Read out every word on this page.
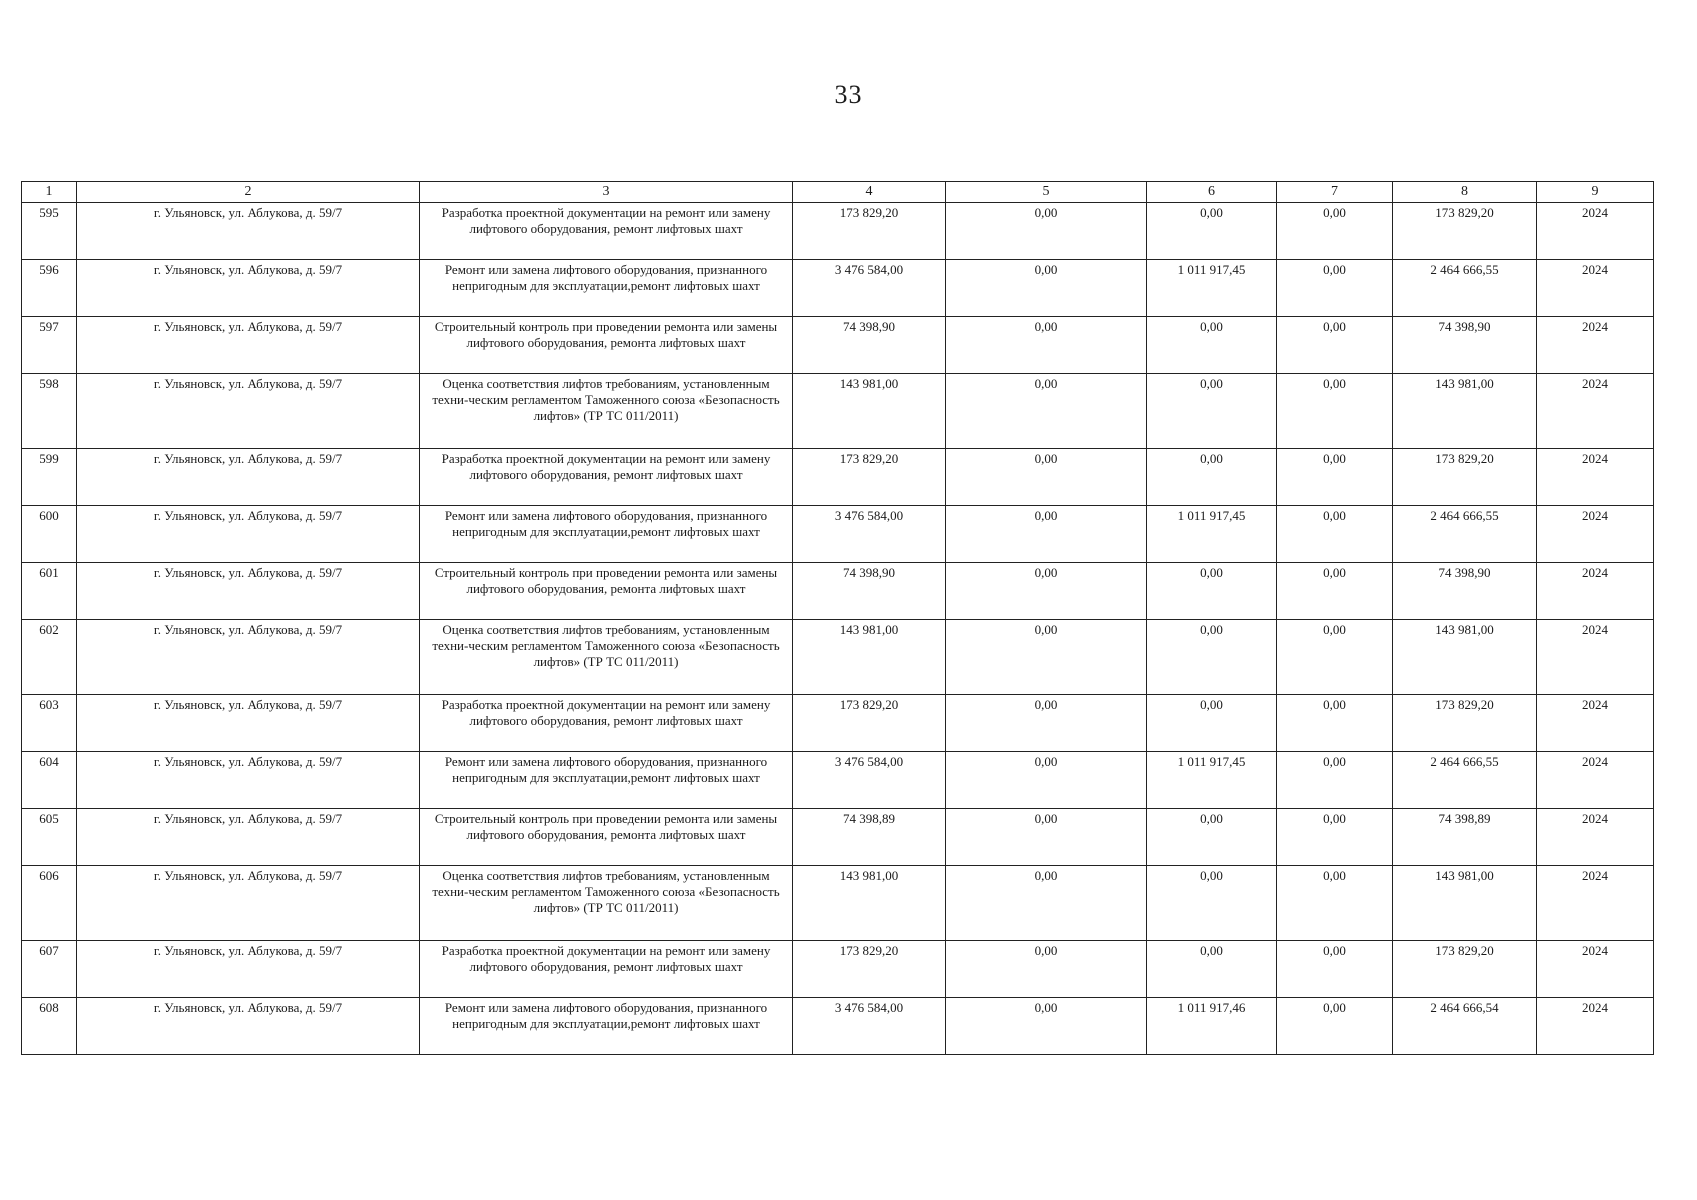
33
1	2	3	4	5	6	7	8	9
595	г. Ульяновск, ул. Аблукова, д. 59/7	Разработка проектной документации на ремонт или замену лифтового оборудования, ремонт лифтовых шахт	173 829,20	0,00	0,00	0,00	173 829,20	2024
596	г. Ульяновск, ул. Аблукова, д. 59/7	Ремонт или замена лифтового оборудования, признанного непригодным для эксплуатации,ремонт лифтовых шахт	3 476 584,00	0,00	1 011 917,45	0,00	2 464 666,55	2024
597	г. Ульяновск, ул. Аблукова, д. 59/7	Строительный контроль при проведении ремонта или замены лифтового оборудования, ремонта лифтовых шахт	74 398,90	0,00	0,00	0,00	74 398,90	2024
598	г. Ульяновск, ул. Аблукова, д. 59/7	Оценка соответствия лифтов требованиям, установленным техни-ческим регламентом Таможенного союза «Безопасность лифтов» (ТР ТС 011/2011)	143 981,00	0,00	0,00	0,00	143 981,00	2024
599	г. Ульяновск, ул. Аблукова, д. 59/7	Разработка проектной документации на ремонт или замену лифтового оборудования, ремонт лифтовых шахт	173 829,20	0,00	0,00	0,00	173 829,20	2024
600	г. Ульяновск, ул. Аблукова, д. 59/7	Ремонт или замена лифтового оборудования, признанного непригодным для эксплуатации,ремонт лифтовых шахт	3 476 584,00	0,00	1 011 917,45	0,00	2 464 666,55	2024
601	г. Ульяновск, ул. Аблукова, д. 59/7	Строительный контроль при проведении ремонта или замены лифтового оборудования, ремонта лифтовых шахт	74 398,90	0,00	0,00	0,00	74 398,90	2024
602	г. Ульяновск, ул. Аблукова, д. 59/7	Оценка соответствия лифтов требованиям, установленным техни-ческим регламентом Таможенного союза «Безопасность лифтов» (ТР ТС 011/2011)	143 981,00	0,00	0,00	0,00	143 981,00	2024
603	г. Ульяновск, ул. Аблукова, д. 59/7	Разработка проектной документации на ремонт или замену лифтового оборудования, ремонт лифтовых шахт	173 829,20	0,00	0,00	0,00	173 829,20	2024
604	г. Ульяновск, ул. Аблукова, д. 59/7	Ремонт или замена лифтового оборудования, признанного непригодным для эксплуатации,ремонт лифтовых шахт	3 476 584,00	0,00	1 011 917,45	0,00	2 464 666,55	2024
605	г. Ульяновск, ул. Аблукова, д. 59/7	Строительный контроль при проведении ремонта или замены лифтового оборудования, ремонта лифтовых шахт	74 398,89	0,00	0,00	0,00	74 398,89	2024
606	г. Ульяновск, ул. Аблукова, д. 59/7	Оценка соответствия лифтов требованиям, установленным техни-ческим регламентом Таможенного союза «Безопасность лифтов» (ТР ТС 011/2011)	143 981,00	0,00	0,00	0,00	143 981,00	2024
607	г. Ульяновск, ул. Аблукова, д. 59/7	Разработка проектной документации на ремонт или замену лифтового оборудования, ремонт лифтовых шахт	173 829,20	0,00	0,00	0,00	173 829,20	2024
608	г. Ульяновск, ул. Аблукова, д. 59/7	Ремонт или замена лифтового оборудования, признанного непригодным для эксплуатации,ремонт лифтовых шахт	3 476 584,00	0,00	1 011 917,46	0,00	2 464 666,54	2024
